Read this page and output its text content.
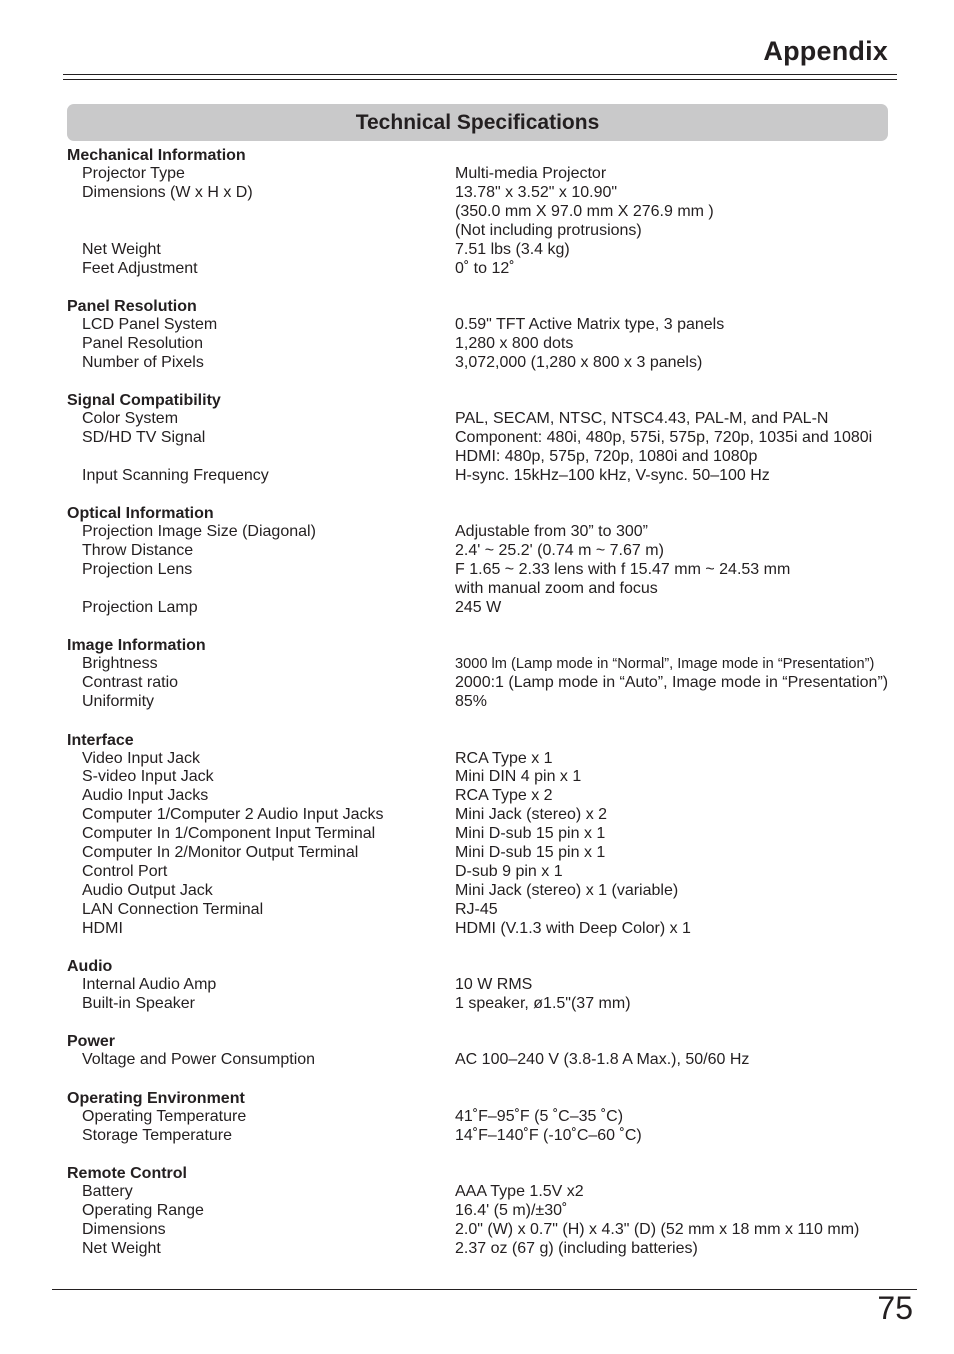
Appendix
Technical Specifications
Mechanical Information
Projector Type	Multi-media Projector
Dimensions (W x H x D)	13.78" x 3.52" x 10.90"
(350.0 mm X 97.0 mm X 276.9 mm )
(Not including protrusions)
Net Weight	7.51 lbs (3.4 kg)
Feet Adjustment	0˚ to 12˚
Panel Resolution
LCD Panel System	0.59" TFT Active Matrix type, 3 panels
Panel Resolution	1,280 x 800 dots
Number of Pixels	3,072,000 (1,280 x 800 x 3 panels)
Signal Compatibility
Color System	PAL, SECAM, NTSC, NTSC4.43, PAL-M, and PAL-N
SD/HD TV Signal	Component: 480i, 480p, 575i, 575p, 720p, 1035i and 1080i
HDMI: 480p, 575p, 720p, 1080i and 1080p
Input Scanning Frequency	H-sync. 15kHz–100 kHz, V-sync. 50–100 Hz
Optical Information
Projection Image Size (Diagonal)	Adjustable from 30” to 300”
Throw Distance	2.4' ~ 25.2' (0.74 m ~ 7.67 m)
Projection Lens	F 1.65 ~ 2.33 lens with f 15.47 mm ~ 24.53 mm
with manual zoom and focus
Projection Lamp	245 W
Image Information
Brightness	3000 lm (Lamp mode in “Normal”, Image mode in “Presentation”)
Contrast ratio	2000:1 (Lamp mode in “Auto”, Image mode in “Presentation”)
Uniformity	85%
Interface
Video Input Jack	RCA Type x 1
S-video Input Jack	Mini DIN 4 pin x 1
Audio Input Jacks	RCA Type x 2
Computer 1/Computer 2 Audio Input Jacks	Mini Jack (stereo) x 2
Computer In 1/Component Input Terminal	Mini D-sub 15 pin x 1
Computer In 2/Monitor Output Terminal	Mini D-sub 15 pin x 1
Control Port	D-sub 9 pin x 1
Audio Output Jack	Mini Jack (stereo) x 1 (variable)
LAN Connection Terminal	RJ-45
HDMI	HDMI (V.1.3 with Deep Color) x 1
Audio
Internal Audio Amp	10 W RMS
Built-in Speaker	1 speaker, ø1.5"(37 mm)
Power
Voltage and Power Consumption	AC 100–240 V (3.8-1.8 A Max.), 50/60 Hz
Operating Environment
Operating Temperature	41˚F–95˚F (5 ˚C–35 ˚C)
Storage Temperature	14˚F–140˚F (-10˚C–60 ˚C)
Remote Control
Battery	AAA Type 1.5V x2
Operating Range	16.4' (5 m)/±30˚
Dimensions	2.0" (W) x 0.7" (H) x 4.3" (D) (52 mm x 18 mm x 110 mm)
Net Weight	2.37 oz (67 g) (including batteries)
75
